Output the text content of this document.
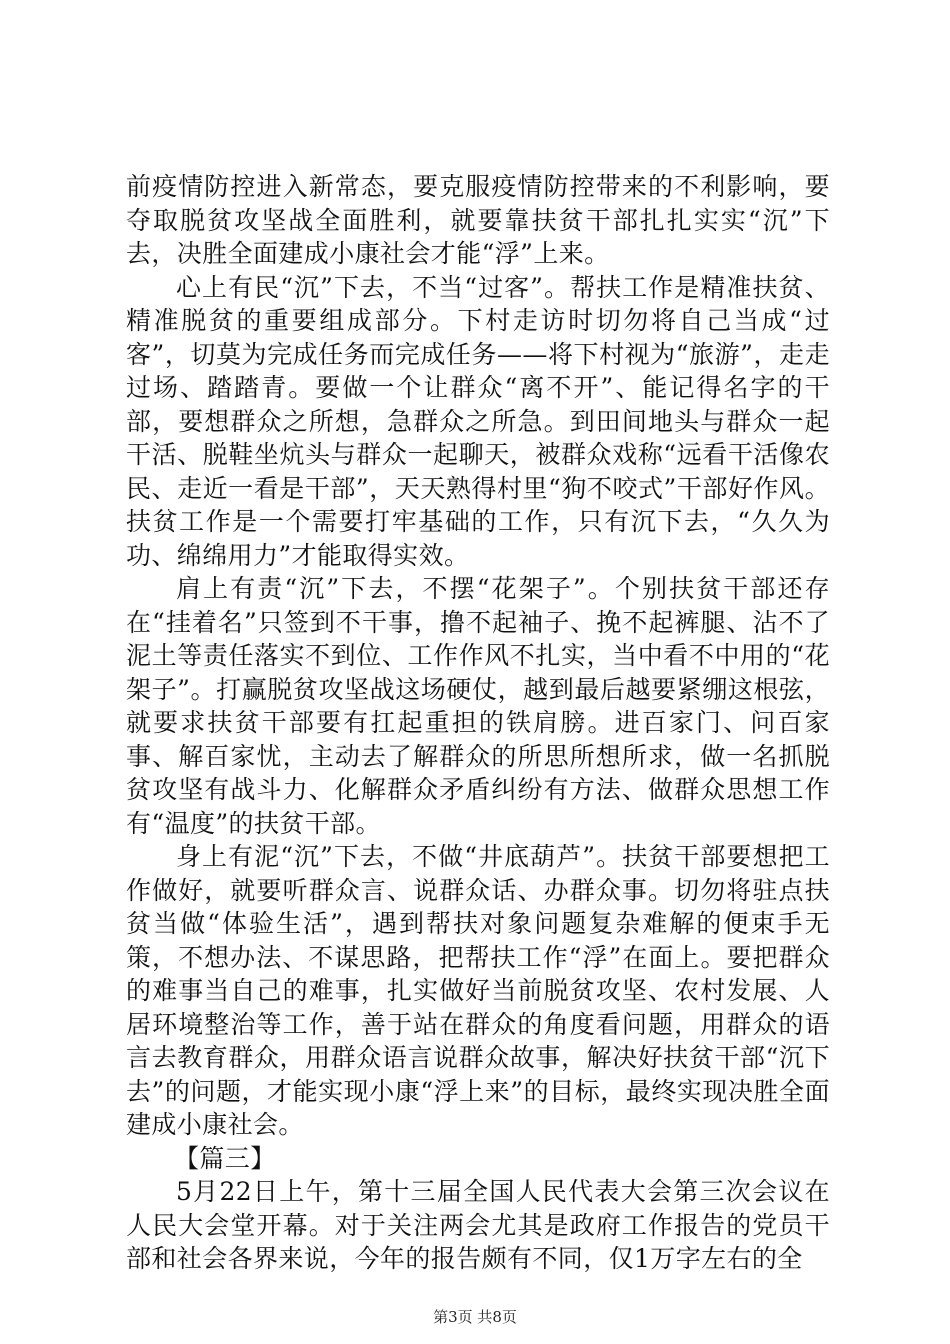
前疫情防控进入新常态，要克服疫情防控带来的不利影响，要夺取脱贫攻坚战全面胜利，就要靠扶贫干部扎扎实实“沉”下去，决胜全面建成小康社会才能“浮”上来。

心上有民“沉”下去，不当“过客”。帮扶工作是精准扶贫、精准脱贫的重要组成部分。下村走访时切勿将自己当成“过客”，切莫为完成任务而完成任务——将下村视为“旅游”，走走过场、踏踏青。要做一个让群众“离不开”、能记得名字的干部，要想群众之所想，急群众之所急。到田间地头与群众一起干活、脱鞋坐炕头与群众一起聊天，被群众戏称“远看干活像农民、走近一看是干部”，天天熟得村里“狗不咬式”干部好作风。扶贫工作是一个需要打牢基础的工作，只有沉下去，“久久为功、绵绵用力”才能取得实效。

肩上有责“沉”下去，不摆“花架子”。个别扶贫干部还存在“挂着名”只签到不干事，撸不起袖子、挽不起裤腿、沾不了泥土等责任落实不到位、工作作风不扎实，当中看不中用的“花架子”。打赢脱贫攻坚战这场硬仗，越到最后越要紧绷这根弦，就要求扶贫干部要有扛起重担的铁肩膀。进百家门、问百家事、解百家忧，主动去了解群众的所思所想所求，做一名抓脱贫攻坚有战斗力、化解群众矛盾纠纷有方法、做群众思想工作有“温度”的扶贫干部。

身上有泥“沉”下去，不做“井底葫芦”。扶贫干部要想把工作做好，就要听群众言、说群众话、办群众事。切勿将驻点扶贫当做“体验生活”，遇到帮扶对象问题复杂难解的便束手无策，不想办法、不谋思路，把帮扶工作“浮”在面上。要把群众的难事当自己的难事，扎实做好当前脱贫攻坚、农村发展、人居环境整治等工作，善于站在群众的角度看问题，用群众的语言去教育群众，用群众语言说群众故事，解决好扶贫干部“沉下去”的问题，才能实现小康“浮上来”的目标，最终实现决胜全面建成小康社会。

【篇三】

5月22日上午，第十三届全国人民代表大会第三次会议在人民大会堂开幕。对于关注两会尤其是政府工作报告的党员干部和社会各界来说，今年的报告颇有不同，仅1万字左右的全

第3页 共8页
